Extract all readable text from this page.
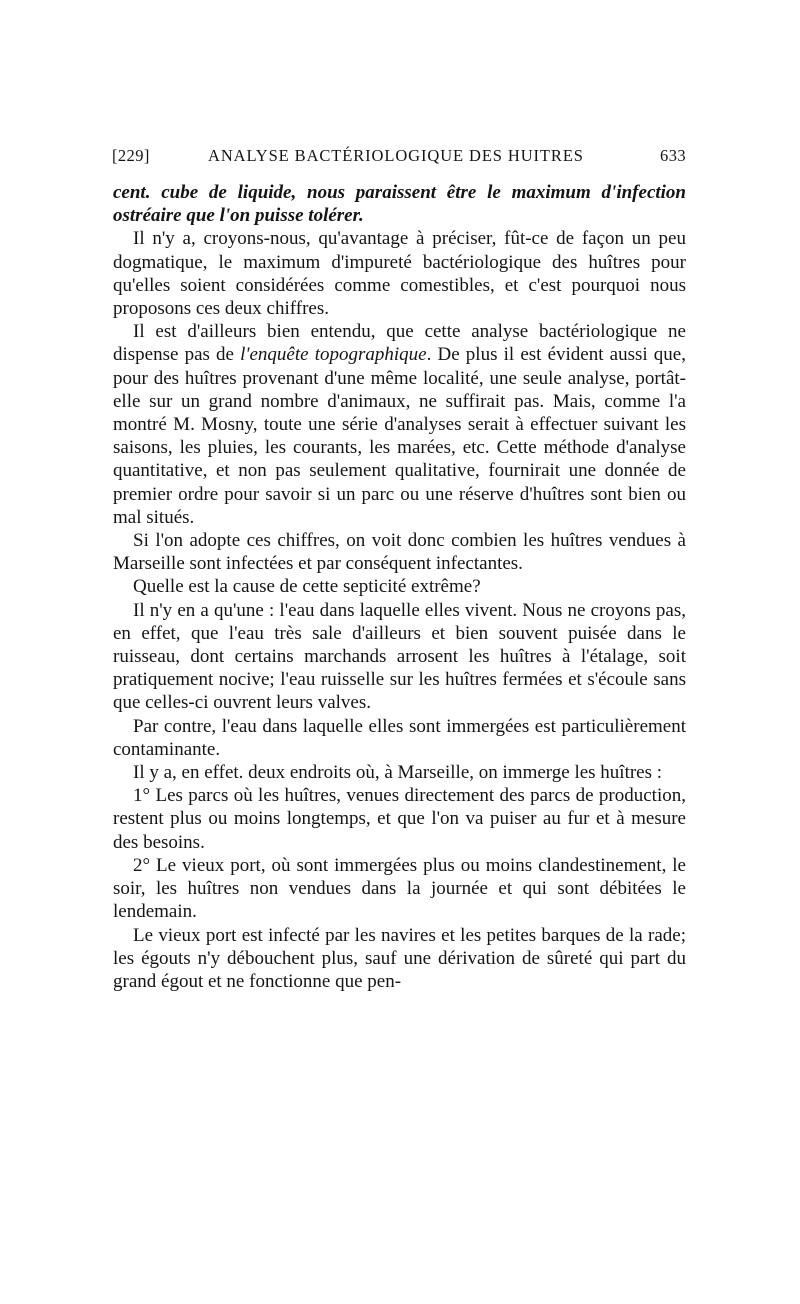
[229]	ANALYSE BACTÉRIOLOGIQUE DES HUITRES	633

cent. cube de liquide, nous paraissent être le maximum d'infection ostréaire que l'on puisse tolérer.

Il n'y a, croyons-nous, qu'avantage à préciser, fût-ce de façon un peu dogmatique, le maximum d'impureté bactériologique des huîtres pour qu'elles soient considérées comme comestibles, et c'est pourquoi nous proposons ces deux chiffres.

Il est d'ailleurs bien entendu, que cette analyse bactériologique ne dispense pas de l'enquête topographique. De plus il est évident aussi que, pour des huîtres provenant d'une même localité, une seule analyse, portât-elle sur un grand nombre d'animaux, ne suffirait pas. Mais, comme l'a montré M. Mosny, toute une série d'analyses serait à effectuer suivant les saisons, les pluies, les courants, les marées, etc. Cette méthode d'analyse quantitative, et non pas seulement qualitative, fournirait une donnée de premier ordre pour savoir si un parc ou une réserve d'huîtres sont bien ou mal situés.

Si l'on adopte ces chiffres, on voit donc combien les huîtres vendues à Marseille sont infectées et par conséquent infectantes.

Quelle est la cause de cette septicité extrême?

Il n'y en a qu'une : l'eau dans laquelle elles vivent. Nous ne croyons pas, en effet, que l'eau très sale d'ailleurs et bien souvent puisée dans le ruisseau, dont certains marchands arrosent les huîtres à l'étalage, soit pratiquement nocive; l'eau ruisselle sur les huîtres fermées et s'écoule sans que celles-ci ouvrent leurs valves.

Par contre, l'eau dans laquelle elles sont immergées est particulièrement contaminante.

Il y a, en effet. deux endroits où, à Marseille, on immerge les huîtres :

1° Les parcs où les huîtres, venues directement des parcs de production, restent plus ou moins longtemps, et que l'on va puiser au fur et à mesure des besoins.

2° Le vieux port, où sont immergées plus ou moins clandestinement, le soir, les huîtres non vendues dans la journée et qui sont débitées le lendemain.

Le vieux port est infecté par les navires et les petites barques de la rade; les égouts n'y débouchent plus, sauf une dérivation de sûreté qui part du grand égout et ne fonctionne que pen-
